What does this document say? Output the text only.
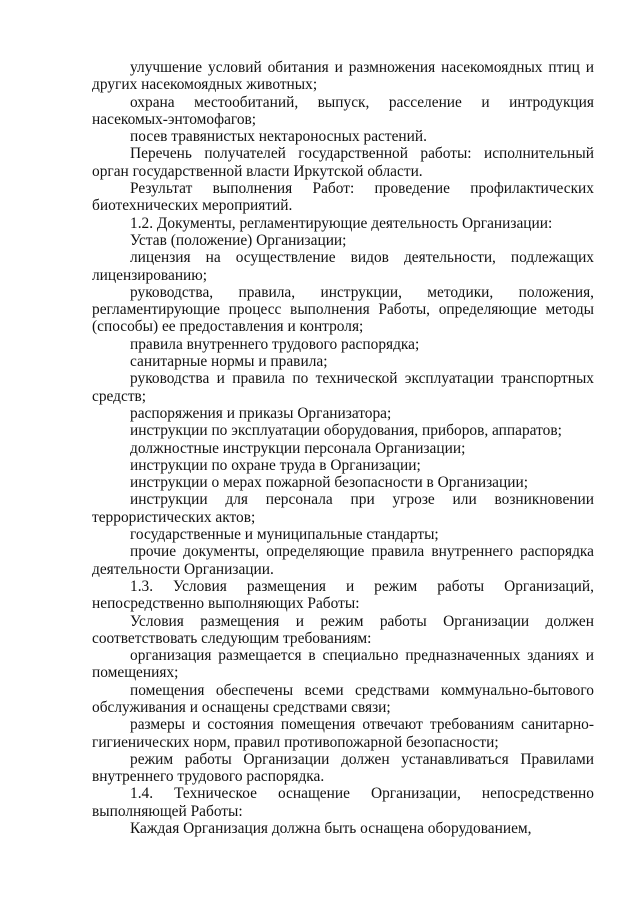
улучшение условий обитания и размножения насекомоядных птиц и других насекомоядных животных;

охрана местообитаний, выпуск, расселение и интродукция насекомых-энтомофагов;

посев травянистых нектароносных растений.

Перечень получателей государственной работы: исполнительный орган государственной власти Иркутской области.

Результат выполнения Работ: проведение профилактических биотехнических мероприятий.

1.2. Документы, регламентирующие деятельность Организации:

Устав (положение) Организации;

лицензия на осуществление видов деятельности, подлежащих лицензированию;

руководства, правила, инструкции, методики, положения, регламентирующие процесс выполнения Работы, определяющие методы (способы) ее предоставления и контроля;

правила внутреннего трудового распорядка;

санитарные нормы и правила;

руководства и правила по технической эксплуатации транспортных средств;

распоряжения и приказы Организатора;

инструкции по эксплуатации оборудования, приборов, аппаратов;

должностные инструкции персонала Организации;

инструкции по охране труда в Организации;

инструкции о мерах пожарной безопасности в Организации;

инструкции для персонала при угрозе или возникновении террористических актов;

государственные и муниципальные стандарты;

прочие документы, определяющие правила внутреннего распорядка деятельности Организации.

1.3. Условия размещения и режим работы Организаций, непосредственно выполняющих Работы:

Условия размещения и режим работы Организации должен соответствовать следующим требованиям:

организация размещается в специально предназначенных зданиях и помещениях;

помещения обеспечены всеми средствами коммунально-бытового обслуживания и оснащены средствами связи;

размеры и состояния помещения отвечают требованиям санитарно-гигиенических норм, правил противопожарной безопасности;

режим работы Организации должен устанавливаться Правилами внутреннего трудового распорядка.

1.4. Техническое оснащение Организации, непосредственно выполняющей Работы:

Каждая Организация должна быть оснащена оборудованием,
